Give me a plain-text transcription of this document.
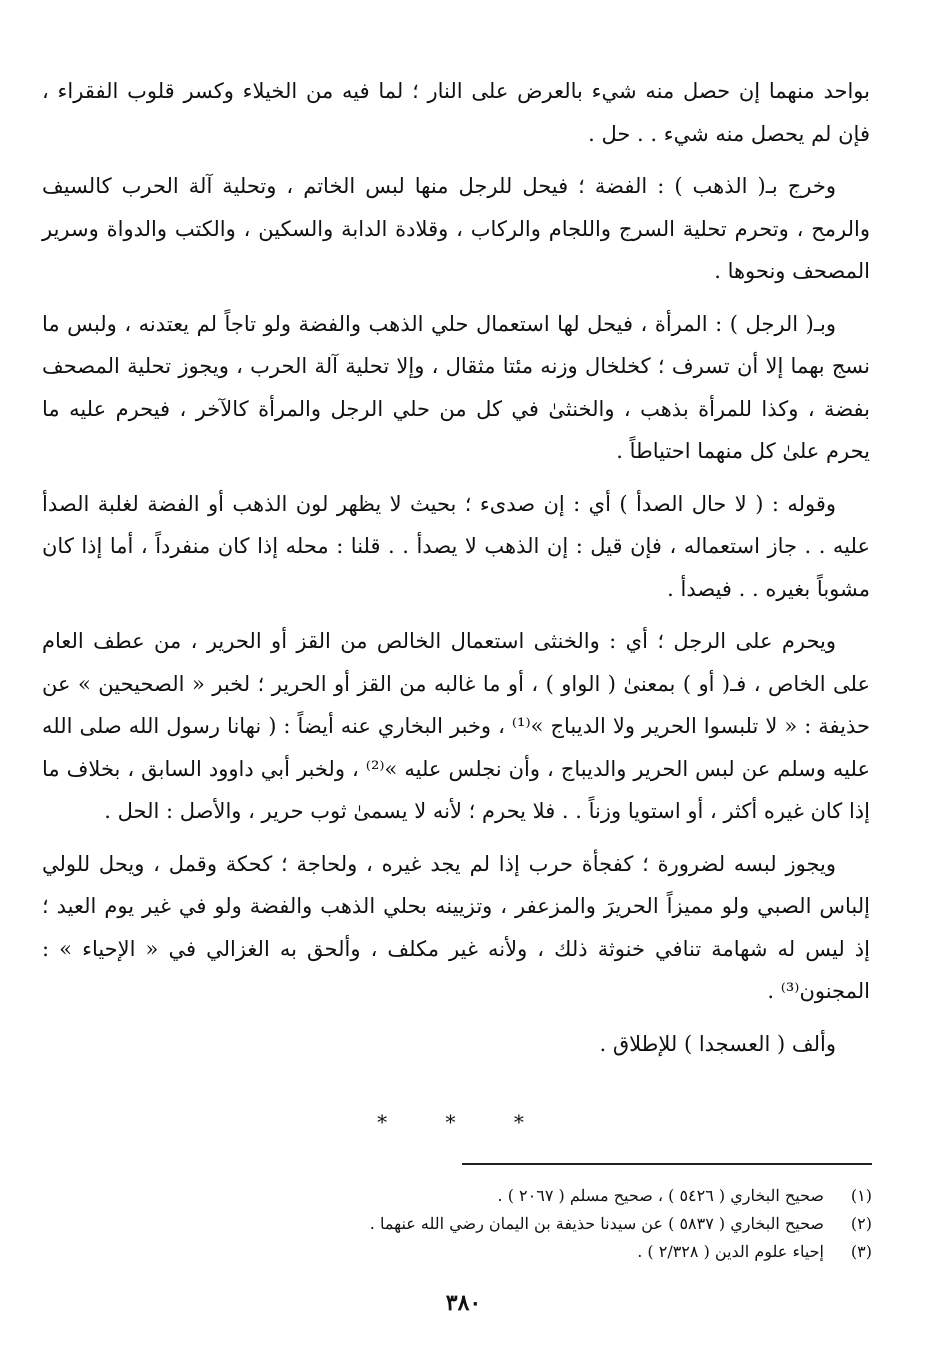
بواحد منهما إن حصل منه شيء بالعرض على النار ؛ لما فيه من الخيلاء وكسر قلوب الفقراء ، فإن لم يحصل منه شيء . . حل .

وخرج بـ( الذهب ) : الفضة ؛ فيحل للرجل منها لبس الخاتم ، وتحلية آلة الحرب كالسيف والرمح ، وتحرم تحلية السرج واللجام والركاب ، وقلادة الدابة والسكين ، والكتب والدواة وسرير المصحف ونحوها .

وبـ( الرجل ) : المرأة ، فيحل لها استعمال حلي الذهب والفضة ولو تاجاً لم يعتدنه ، ولبس ما نسج بهما إلا أن تسرف ؛ كخلخال وزنه مئتا مثقال ، وإلا تحلية آلة الحرب ، ويجوز تحلية المصحف بفضة ، وكذا للمرأة بذهب ، والخنثىٰ في كل من حلي الرجل والمرأة كالآخر ، فيحرم عليه ما يحرم علىٰ كل منهما احتياطاً .

وقوله : ( لا حال الصدأ ) أي : إن صدىء ؛ بحيث لا يظهر لون الذهب أو الفضة لغلبة الصدأ عليه . . جاز استعماله ، فإن قيل : إن الذهب لا يصدأ . . قلنا : محله إذا كان منفرداً ، أما إذا كان مشوباً بغيره . . فيصدأ .

ويحرم على الرجل ؛ أي : والخنثى استعمال الخالص من القز أو الحرير ، من عطف العام على الخاص ، فـ( أو ) بمعنىٰ ( الواو ) ، أو ما غالبه من القز أو الحرير ؛ لخبر « الصحيحين » عن حذيفة : « لا تلبسوا الحرير ولا الديباج »⁽¹⁾ ، وخبر البخاري عنه أيضاً : ( نهانا رسول الله صلى الله عليه وسلم عن لبس الحرير والديباج ، وأن نجلس عليه »⁽²⁾ ، ولخبر أبي داوود السابق ، بخلاف ما إذا كان غيره أكثر ، أو استويا وزناً . . فلا يحرم ؛ لأنه لا يسمىٰ ثوب حرير ، والأصل : الحل .

ويجوز لبسه لضرورة ؛ كفجأة حرب إذا لم يجد غيره ، ولحاجة ؛ كحكة وقمل ، ويحل للولي إلباس الصبي ولو مميزاً الحريرَ والمزعفر ، وتزيينه بحلي الذهب والفضة ولو في غير يوم العيد ؛ إذ ليس له شهامة تنافي خنوثة ذلك ، ولأنه غير مكلف ، وألحق به الغزالي في « الإحياء » : المجنون⁽³⁾ .

وألف ( العسجدا ) للإطلاق .

* * *
(١)
صحيح البخاري ( ٥٤٢٦ ) ، صحيح مسلم ( ٢٠٦٧ ) .
(٢)
صحيح البخاري ( ٥٨٣٧ ) عن سيدنا حذيفة بن اليمان رضي الله عنهما .
(٣)
إحياء علوم الدين ( ٢/٣٢٨ ) .
٣٨٠
